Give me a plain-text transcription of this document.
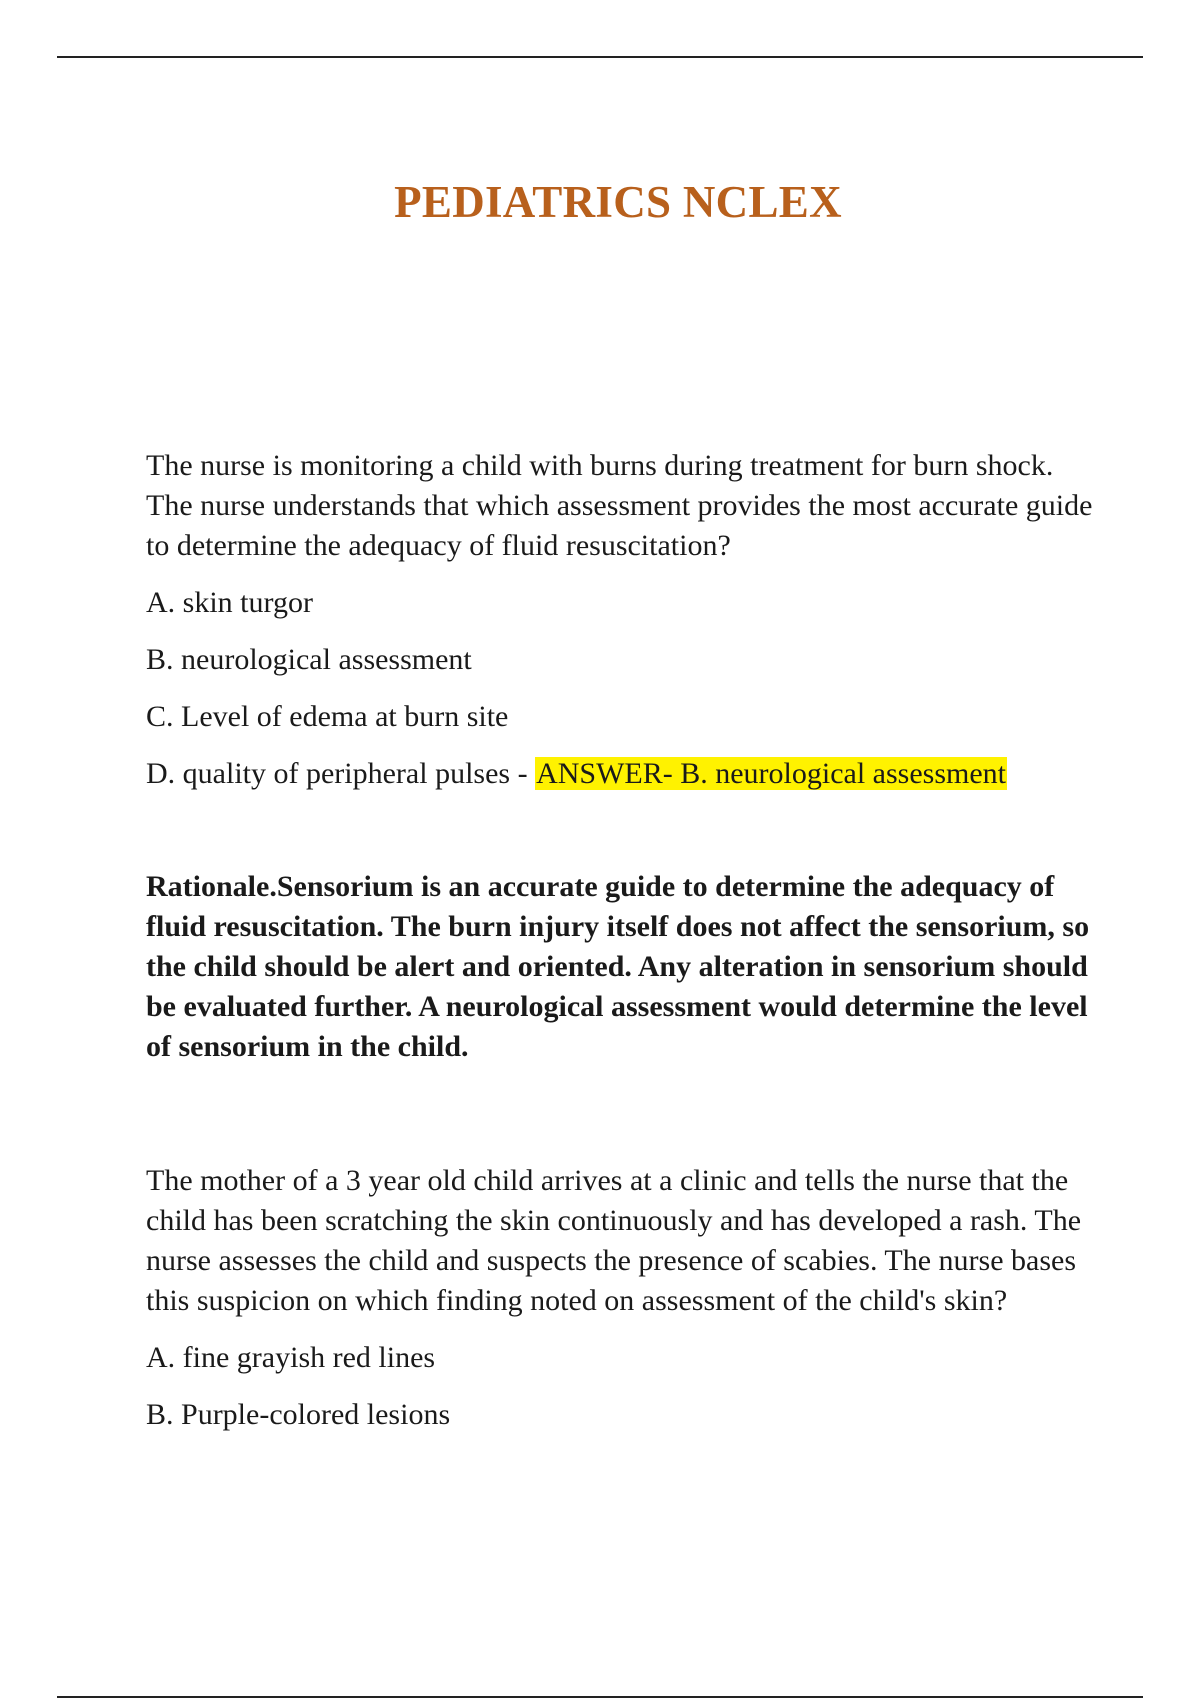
PEDIATRICS NCLEX

The nurse is monitoring a child with burns during treatment for burn shock. The nurse understands that which assessment provides the most accurate guide to determine the adequacy of fluid resuscitation?

A. skin turgor

B. neurological assessment

C. Level of edema at burn site

D. quality of peripheral pulses - ANSWER- B. neurological assessment

Rationale.Sensorium is an accurate guide to determine the adequacy of fluid resuscitation. The burn injury itself does not affect the sensorium, so the child should be alert and oriented. Any alteration in sensorium should be evaluated further. A neurological assessment would determine the level of sensorium in the child.

The mother of a 3 year old child arrives at a clinic and tells the nurse that the child has been scratching the skin continuously and has developed a rash. The nurse assesses the child and suspects the presence of scabies. The nurse bases this suspicion on which finding noted on assessment of the child's skin?

A. fine grayish red lines

B. Purple-colored lesions
